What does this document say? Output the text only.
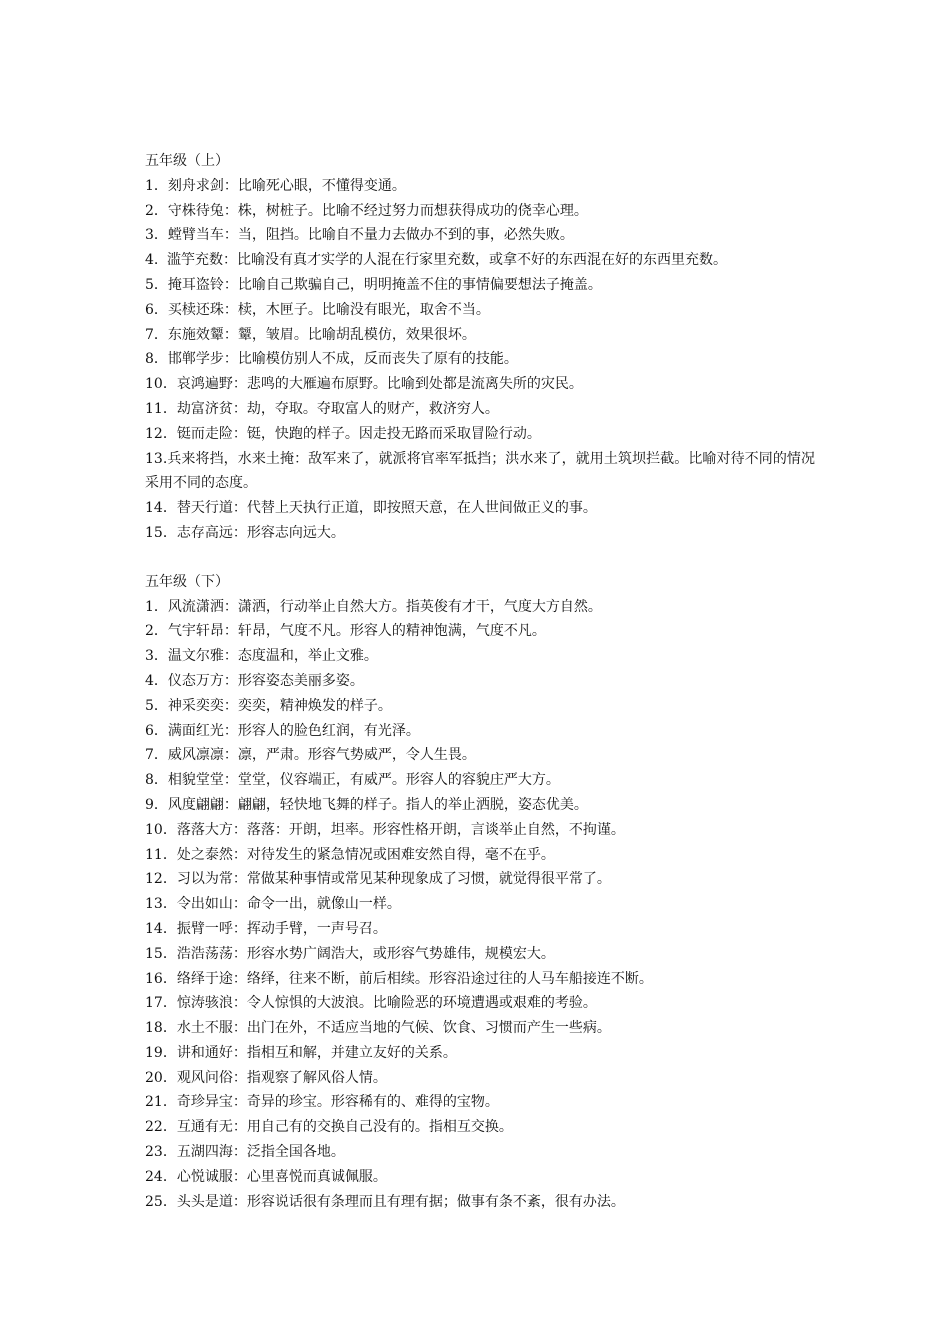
五年级（上）
1．刻舟求剑：比喻死心眼，不懂得变通。
2．守株待兔：株，树桩子。比喻不经过努力而想获得成功的侥幸心理。
3．螳臂当车：当，阻挡。比喻自不量力去做办不到的事，必然失败。
4. 滥竽充数：比喻没有真才实学的人混在行家里充数，或拿不好的东西混在好的东西里充数。
5．掩耳盗铃：比喻自己欺骗自己，明明掩盖不住的事情偏要想法子掩盖。
6．买椟还珠：椟，木匣子。比喻没有眼光，取舍不当。
7．东施效颦：颦，皱眉。比喻胡乱模仿，效果很坏。
8．邯郸学步：比喻模仿别人不成，反而丧失了原有的技能。
10．哀鸿遍野：悲鸣的大雁遍布原野。比喻到处都是流离失所的灾民。
11．劫富济贫：劫，夺取。夺取富人的财产，救济穷人。
12．铤而走险：铤，快跑的样子。因走投无路而采取冒险行动。
13.兵来将挡，水来土掩：敌军来了，就派将官率军抵挡；洪水来了，就用土筑坝拦截。比喻对待不同的情况采用不同的态度。
14．替天行道：代替上天执行正道，即按照天意，在人世间做正义的事。
15．志存高远：形容志向远大。
五年级（下）
1．风流潇洒：潇洒，行动举止自然大方。指英俊有才干，气度大方自然。
2．气宇轩昂：轩昂，气度不凡。形容人的精神饱满，气度不凡。
3．温文尔雅：态度温和，举止文雅。
4．仪态万方：形容姿态美丽多姿。
5．神采奕奕：奕奕，精神焕发的样子。
6．满面红光：形容人的脸色红润，有光泽。
7．威风凛凛：凛，严肃。形容气势威严，令人生畏。
8．相貌堂堂：堂堂，仪容端正，有威严。形容人的容貌庄严大方。
9．风度翩翩：翩翩，轻快地飞舞的样子。指人的举止洒脱，姿态优美。
10．落落大方：落落：开朗，坦率。形容性格开朗，言谈举止自然，不拘谨。
11．处之泰然：对待发生的紧急情况或困难安然自得，毫不在乎。
12．习以为常：常做某种事情或常见某种现象成了习惯，就觉得很平常了。
13．令出如山：命令一出，就像山一样。
14．振臂一呼：挥动手臂，一声号召。
15．浩浩荡荡：形容水势广阔浩大，或形容气势雄伟，规模宏大。
16．络绎于途：络绎，往来不断，前后相续。形容沿途过往的人马车船接连不断。
17．惊涛骇浪：令人惊惧的大波浪。比喻险恶的环境遭遇或艰难的考验。
18．水土不服：出门在外，不适应当地的气候、饮食、习惯而产生一些病。
19．讲和通好：指相互和解，并建立友好的关系。
20．观风问俗：指观察了解风俗人情。
21．奇珍异宝：奇异的珍宝。形容稀有的、难得的宝物。
22．互通有无：用自己有的交换自己没有的。指相互交换。
23．五湖四海：泛指全国各地。
24．心悦诚服：心里喜悦而真诚佩服。
25．头头是道：形容说话很有条理而且有理有据；做事有条不紊，很有办法。
